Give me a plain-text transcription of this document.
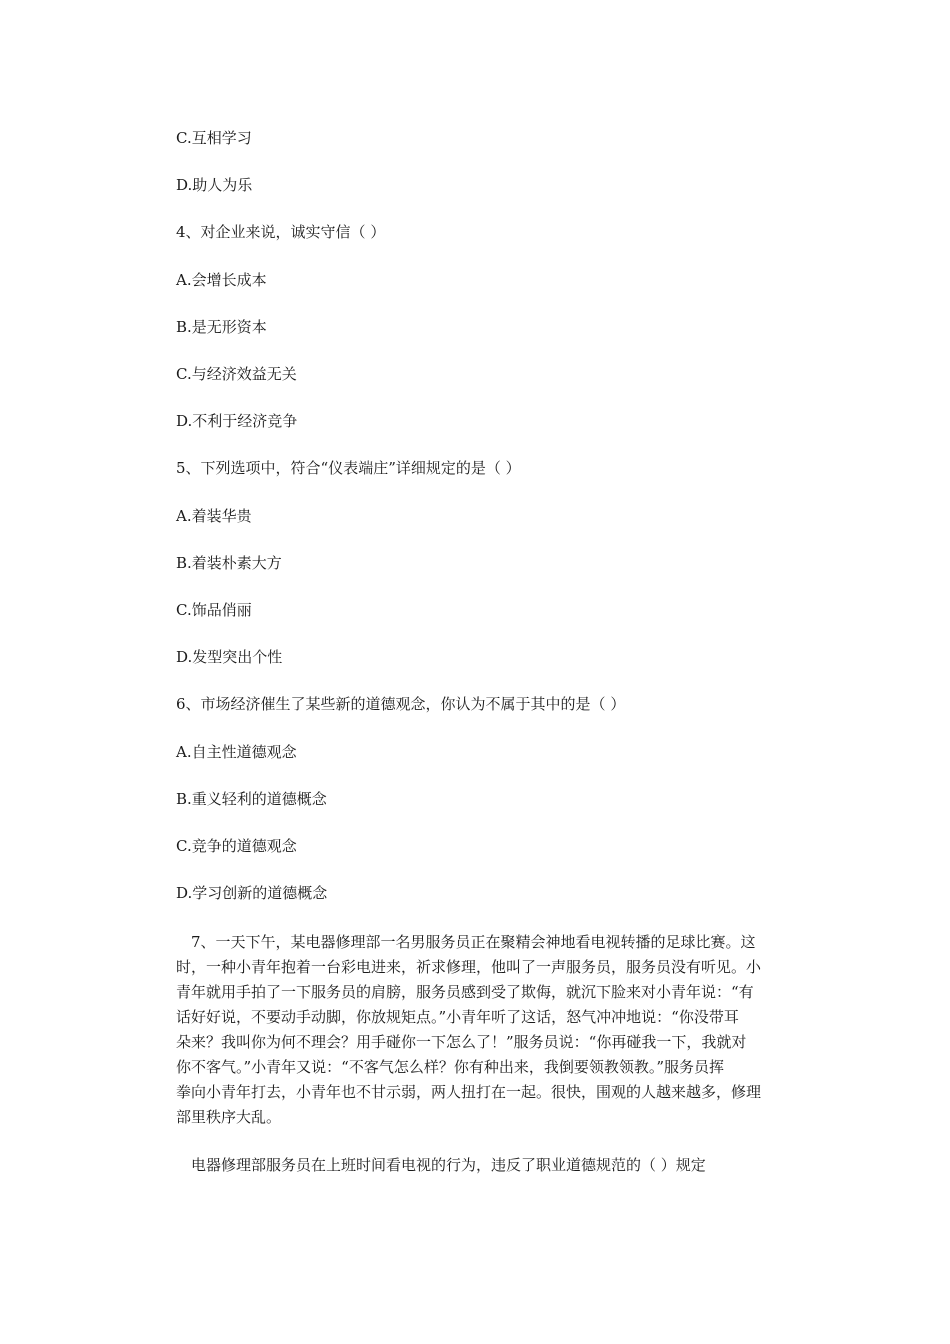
C.互相学习
D.助人为乐
4、对企业来说，诚实守信（ ）
A.会增长成本
B.是无形资本
C.与经济效益无关
D.不利于经济竞争
5、下列选项中，符合“仪表端庄”详细规定的是（ ）
A.着装华贵
B.着装朴素大方
C.饰品俏丽
D.发型突出个性
6、市场经济催生了某些新的道德观念，你认为不属于其中的是（ ）
A.自主性道德观念
B.重义轻利的道德概念
C.竞争的道德观念
D.学习创新的道德概念
　7、一天下午，某电器修理部一名男服务员正在聚精会神地看电视转播的足球比赛。这
时，一种小青年抱着一台彩电进来，祈求修理，他叫了一声服务员，服务员没有听见。小
青年就用手拍了一下服务员的肩膀，服务员感到受了欺侮，就沉下脸来对小青年说：“有
话好好说，不要动手动脚，你放规矩点。”小青年听了这话，怒气冲冲地说：“你没带耳
朵来？我叫你为何不理会？用手碰你一下怎么了！”服务员说：“你再碰我一下，我就对
你不客气。”小青年又说：“不客气怎么样？你有种出来，我倒要领教领教。”服务员挥
拳向小青年打去，小青年也不甘示弱，两人扭打在一起。很快，围观的人越来越多，修理
部里秩序大乱。
　电器修理部服务员在上班时间看电视的行为，违反了职业道德规范的（ ）规定
